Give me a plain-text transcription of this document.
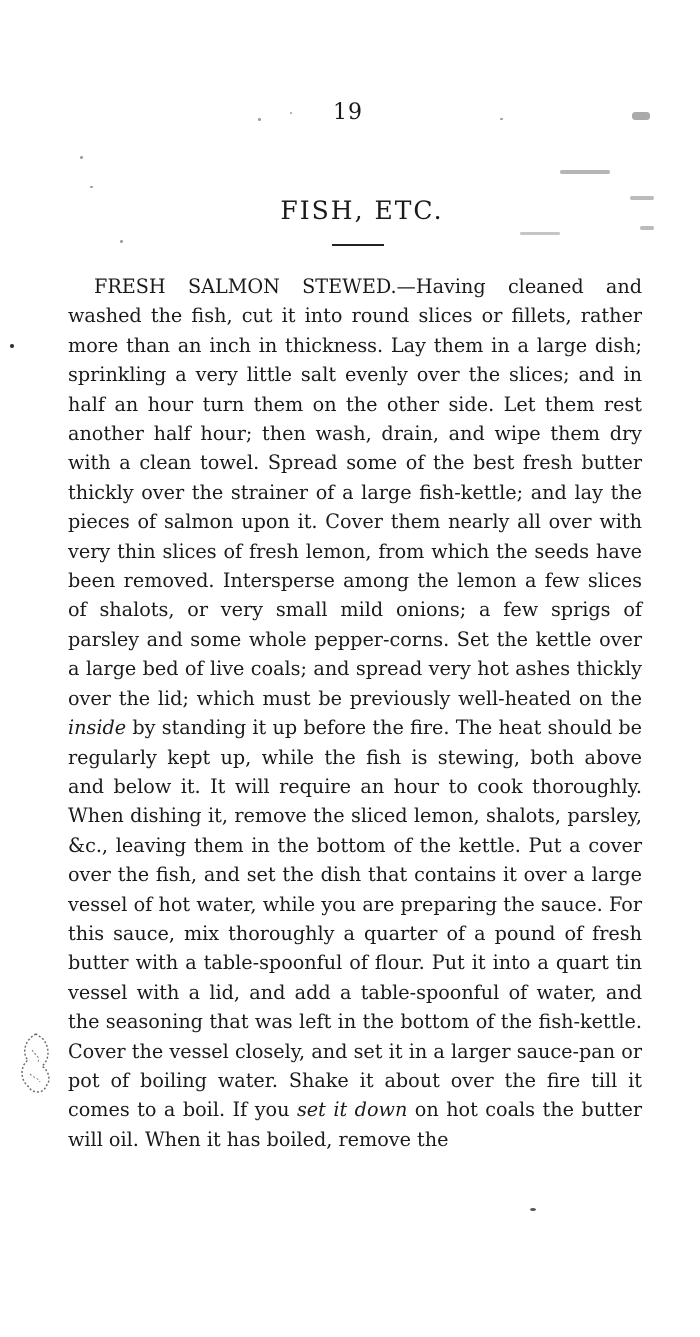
19
FISH, ETC.

FRESH SALMON STEWED.—Having cleaned and washed the fish, cut it into round slices or fillets, rather more than an inch in thickness. Lay them in a large dish; sprinkling a very little salt evenly over the slices; and in half an hour turn them on the other side. Let them rest another half hour; then wash, drain, and wipe them dry with a clean towel. Spread some of the best fresh butter thickly over the strainer of a large fish-kettle; and lay the pieces of salmon upon it. Cover them nearly all over with very thin slices of fresh lemon, from which the seeds have been removed. Intersperse among the lemon a few slices of shalots, or very small mild onions; a few sprigs of parsley and some whole pepper-corns. Set the kettle over a large bed of live coals; and spread very hot ashes thickly over the lid; which must be previously well-heated on the inside by standing it up before the fire. The heat should be regularly kept up, while the fish is stewing, both above and below it. It will require an hour to cook thoroughly. When dishing it, remove the sliced lemon, shalots, parsley, &c., leaving them in the bottom of the kettle. Put a cover over the fish, and set the dish that contains it over a large vessel of hot water, while you are preparing the sauce. For this sauce, mix thoroughly a quarter of a pound of fresh butter with a table-spoonful of flour. Put it into a quart tin vessel with a lid, and add a table-spoonful of water, and the seasoning that was left in the bottom of the fish-kettle. Cover the vessel closely, and set it in a larger sauce-pan or pot of boiling water. Shake it about over the fire till it comes to a boil. If you set it down on hot coals the butter will oil. When it has boiled, remove the
